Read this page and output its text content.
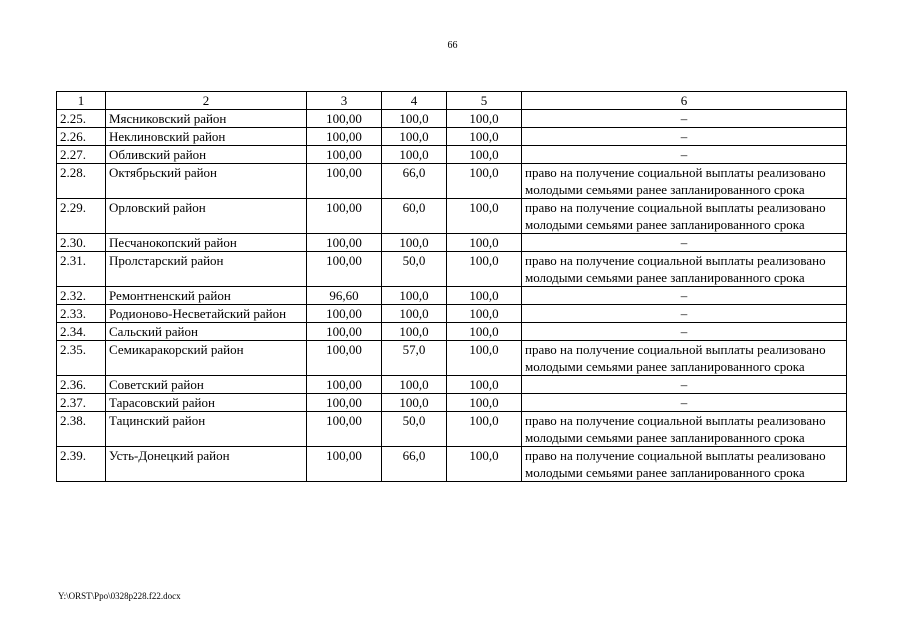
66
1	2	3	4	5	6
2.25.	Мясниковский район	100,00	100,0	100,0	–
2.26.	Неклиновский район	100,00	100,0	100,0	–
2.27.	Обливский район	100,00	100,0	100,0	–
2.28.	Октябрьский район	100,00	66,0	100,0	право на получение социальной выплаты реализовано молодыми семьями ранее запланированного срока
2.29.	Орловский район	100,00	60,0	100,0	право на получение социальной выплаты реализовано молодыми семьями ранее запланированного срока
2.30.	Песчанокопский район	100,00	100,0	100,0	–
2.31.	Пролстарский район	100,00	50,0	100,0	право на получение социальной выплаты реализовано молодыми семьями ранее запланированного срока
2.32.	Ремонтненский район	96,60	100,0	100,0	–
2.33.	Родионово-Несветайский район	100,00	100,0	100,0	–
2.34.	Сальский район	100,00	100,0	100,0	–
2.35.	Семикаракорский район	100,00	57,0	100,0	право на получение социальной выплаты реализовано молодыми семьями ранее запланированного срока
2.36.	Советский район	100,00	100,0	100,0	–
2.37.	Тарасовский район	100,00	100,0	100,0	–
2.38.	Тацинский район	100,00	50,0	100,0	право на получение социальной выплаты реализовано молодыми семьями ранее запланированного срока
2.39.	Усть-Донецкий район	100,00	66,0	100,0	право на получение социальной выплаты реализовано молодыми семьями ранее запланированного срока
Y:\ORST\Ppo\0328p228.f22.docx
